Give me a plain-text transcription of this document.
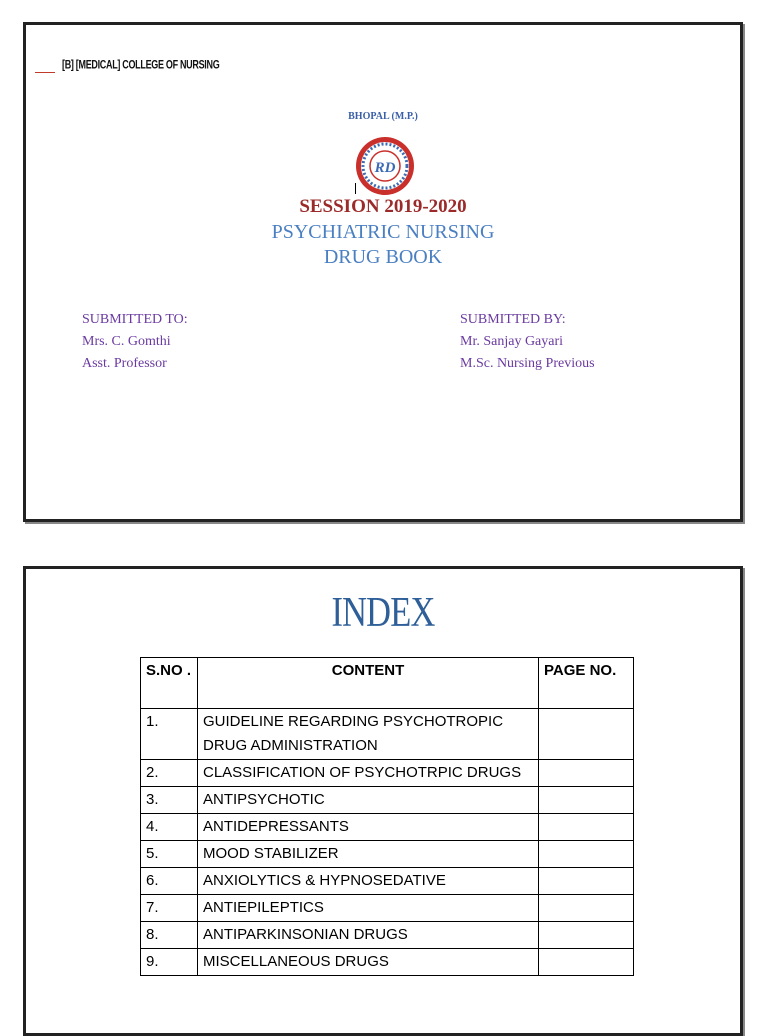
[B] [MEDICAL] COLLEGE OF NURSING
BHOPAL (M.P.)
RD
SESSION 2019-2020
PSYCHIATRIC NURSING
DRUG BOOK
SUBMITTED TO:
Mrs. C. Gomthi
Asst. Professor
SUBMITTED BY:
Mr. Sanjay Gayari
M.Sc. Nursing Previous
INDEX
S.NO .	CONTENT	PAGE NO.
1.	GUIDELINE REGARDING PSYCHOTROPIC DRUG ADMINISTRATION	
2.	CLASSIFICATION OF PSYCHOTRPIC DRUGS	
3.	ANTIPSYCHOTIC	
4.	ANTIDEPRESSANTS	
5.	MOOD STABILIZER	
6.	ANXIOLYTICS & HYPNOSEDATIVE	
7.	ANTIEPILEPTICS	
8.	ANTIPARKINSONIAN DRUGS	
9.	MISCELLANEOUS DRUGS	
